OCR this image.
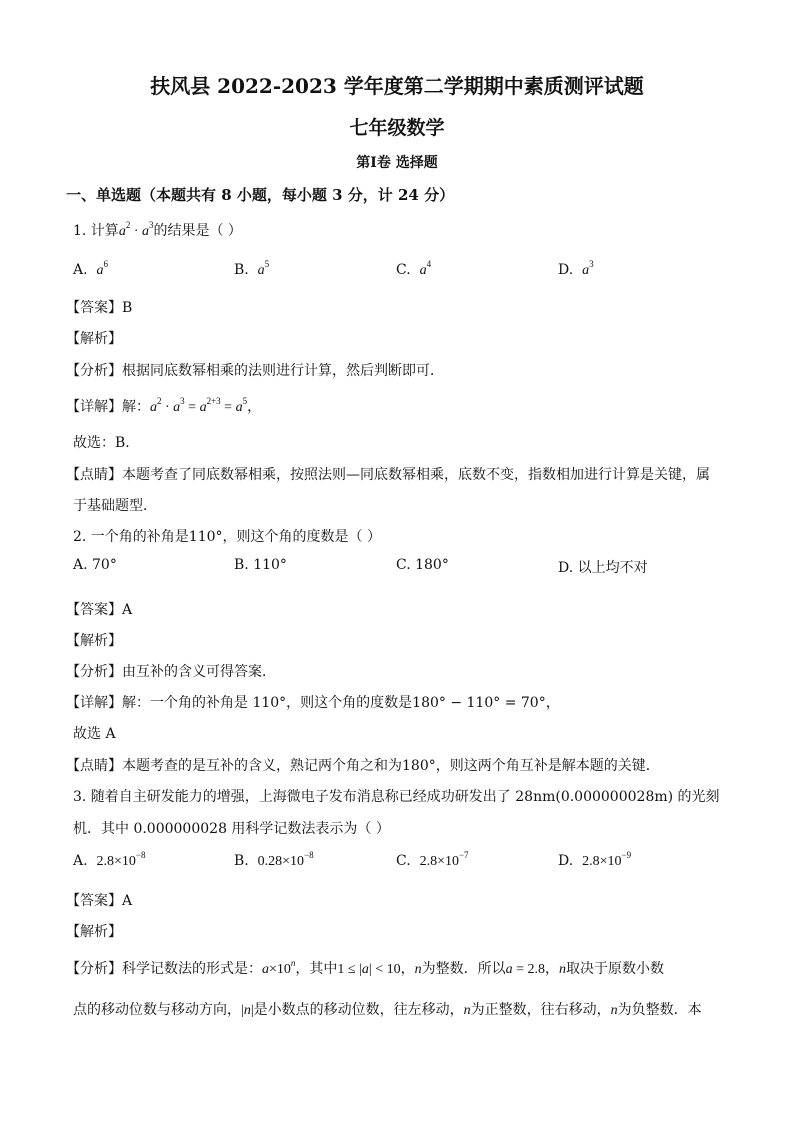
扶风县 2022-2023 学年度第二学期期中素质测评试题
七年级数学
第Ⅰ卷 选择题
一、单选题（本题共有 8 小题，每小题 3 分，计 24 分）
1. 计算$a^2 \cdot a^3$的结果是（ ）
A. $a^6$	B. $a^5$	C. $a^4$	D. $a^3$
【答案】B
【解析】
【分析】根据同底数幂相乘的法则进行计算，然后判断即可．
【详解】解：$a^2 \cdot a^3 = a^{2+3} = a^5$，
故选：B．
【点睛】本题考查了同底数幂相乘，按照法则—同底数幂相乘，底数不变，指数相加进行计算是关键，属
于基础题型．
2. 一个角的补角是110°，则这个角的度数是（ ）
A. 70°	B. 110°	C. 180°	D. 以上均不对
【答案】A
【解析】
【分析】由互补的含义可得答案．
【详解】解：一个角的补角是 110°，则这个角的度数是180° − 110° = 70°，
故选 A
【点睛】本题考查的是互补的含义，熟记两个角之和为180°，则这两个角互补是解本题的关键．
3. 随着自主研发能力的增强，上海微电子发布消息称已经成功研发出了 28nm(0.000000028m) 的光刻
机．其中 0.000000028 用科学记数法表示为（ ）
A. $2.8\times 10^{-8}$	B. $0.28\times 10^{-8}$	C. $2.8\times 10^{-7}$	D. $2.8\times 10^{-9}$
【答案】A
【解析】
【分析】科学记数法的形式是：$a\times 10^n$，其中1 ≤ |a| < 10，n为整数．所以a = 2.8，n取决于原数小数
点的移动位数与移动方向，|n|是小数点的移动位数，往左移动，n为正整数，往右移动，n为负整数．本
